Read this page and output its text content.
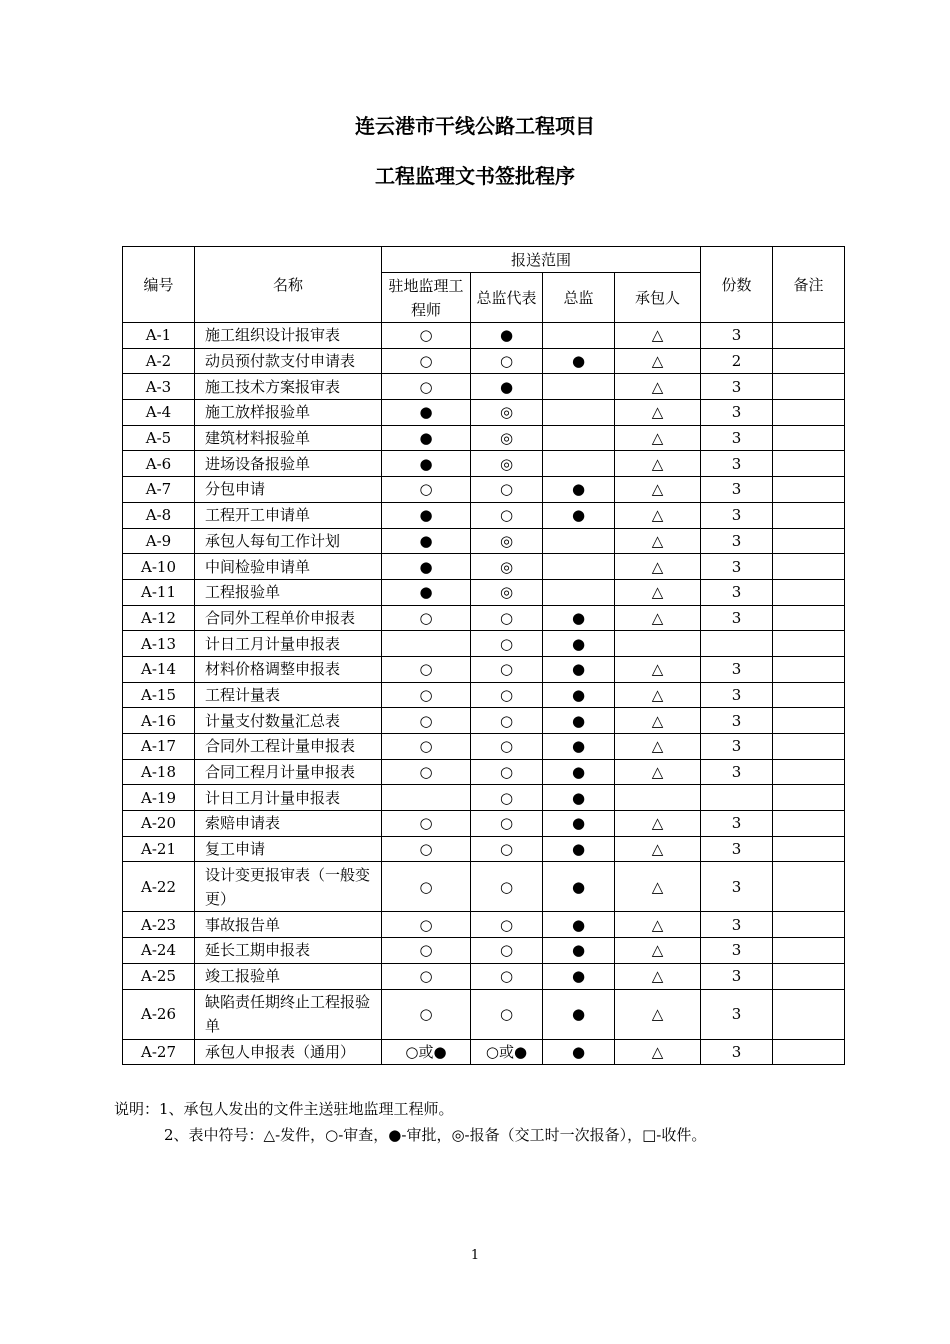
连云港市干线公路工程项目
工程监理文书签批程序
编号	名称	报送范围				份数	备注
		驻地监理工程师	总监代表	总监	承包人		
A-1	施工组织设计报审表	○	●		△	3	
A-2	动员预付款支付申请表	○	○	●	△	2	
A-3	施工技术方案报审表	○	●		△	3	
A-4	施工放样报验单	●	◎		△	3	
A-5	建筑材料报验单	●	◎		△	3	
A-6	进场设备报验单	●	◎		△	3	
A-7	分包申请	○	○	●	△	3	
A-8	工程开工申请单	●	○	●	△	3	
A-9	承包人每旬工作计划	●	◎		△	3	
A-10	中间检验申请单	●	◎		△	3	
A-11	工程报验单	●	◎		△	3	
A-12	合同外工程单价申报表	○	○	●	△	3	
A-13	计日工月计量申报表		○	●			
A-14	材料价格调整申报表	○	○	●	△	3	
A-15	工程计量表	○	○	●	△	3	
A-16	计量支付数量汇总表	○	○	●	△	3	
A-17	合同外工程计量申报表	○	○	●	△	3	
A-18	合同工程月计量申报表	○	○	●	△	3	
A-19	计日工月计量申报表		○	●			
A-20	索赔申请表	○	○	●	△	3	
A-21	复工申请	○	○	●	△	3	
A-22	设计变更报审表（一般变更）	○	○	●	△	3	
A-23	事故报告单	○	○	●	△	3	
A-24	延长工期申报表	○	○	●	△	3	
A-25	竣工报验单	○	○	●	△	3	
A-26	缺陷责任期终止工程报验单	○	○	●	△	3	
A-27	承包人申报表（通用）	○或●	○或●	●	△	3	
说明：1、承包人发出的文件主送驻地监理工程师。
2、表中符号：△-发件，○-审查，●-审批，◎-报备（交工时一次报备），□-收件。
1
